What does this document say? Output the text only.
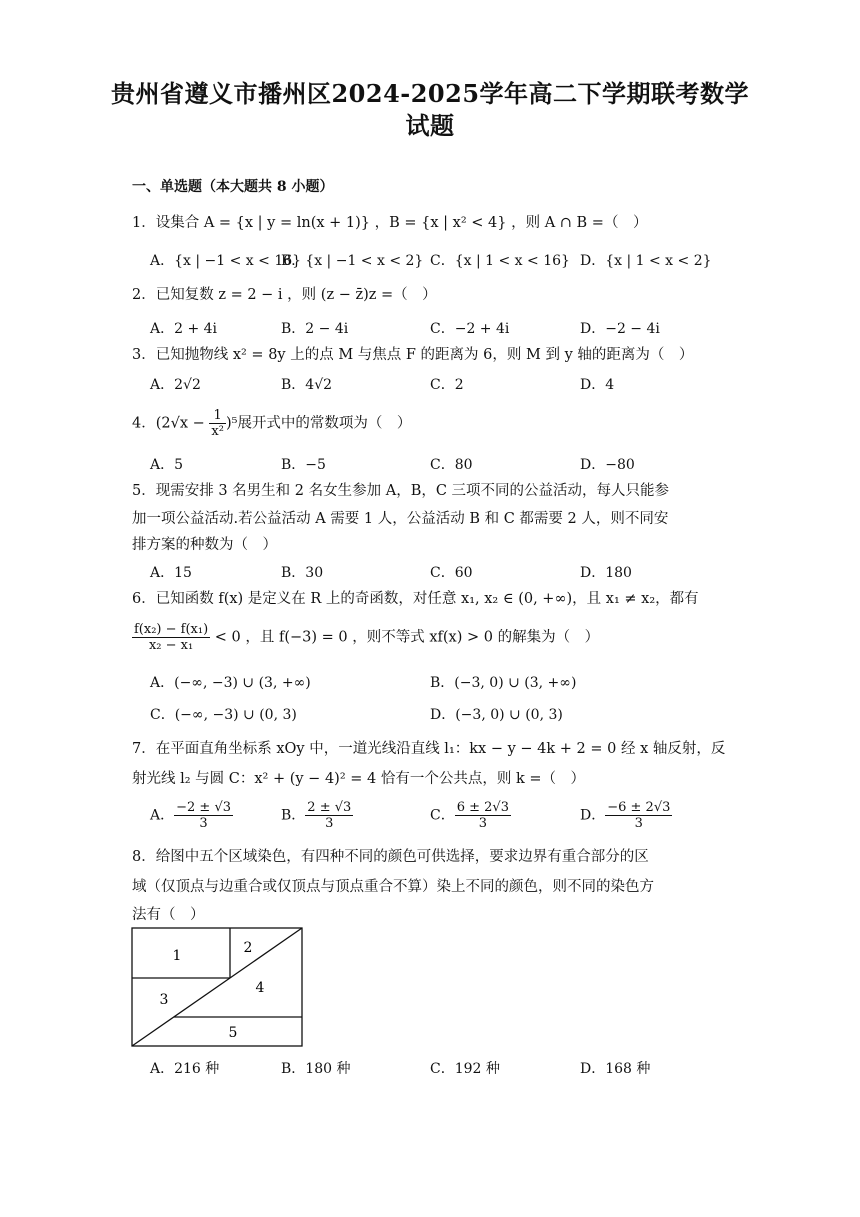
贵州省遵义市播州区2024-2025学年高二下学期联考数学
试题
一、单选题（本大题共 8 小题）
1．设集合 A = {x | y = ln(x + 1)} ，B = {x | x² < 4} ，则 A ∩ B =（　）
A．{x | −1 < x < 16}
B．{x | −1 < x < 2} C．{x | 1 < x < 16} D．{x | 1 < x < 2}
2．已知复数 z = 2 − i ，则 (z − z̄)z =（　）
A．2 + 4i	B．2 − 4i	C．−2 + 4i	D．−2 − 4i
3．已知抛物线 x² = 8y 上的点 M 与焦点 F 的距离为 6，则 M 到 y 轴的距离为（　）
A．2√2	B．4√2	C．2	D．4
4．$(2√x - \frac{1}{\text{x²}} )^5$展开式中的常数项为（　）
A．5	B．−5	C．80	D．−80
5．现需安排 3 名男生和 2 名女生参加 A，B，C 三项不同的公益活动，每人只能参
加一项公益活动.若公益活动 A 需要 1 人，公益活动 B 和 C 都需要 2 人，则不同安
排方案的种数为（　）
A．15	B．30	C．60	D．180
6．已知函数 f(x) 是定义在 R 上的奇函数，对任意 x₁, x₂ ∈ (0, +∞)，且 x₁ ≠ x₂，都有
$\frac{\text{f(x₂) − f(x₁)}}{\text{x₂ − x₁}} < 0$ ，且 f(−3) = 0 ，则不等式 xf(x) > 0 的解集为（　）
A．(−∞, −3) ∪ (3, +∞)	B．(−3, 0) ∪ (3, +∞)
C．(−∞, −3) ∪ (0, 3)	D．(−3, 0) ∪ (0, 3)
7．在平面直角坐标系 xOy 中，一道光线沿直线 l₁：kx − y − 4k + 2 = 0 经 x 轴反射，反
射光线 l₂ 与圆 C：x² + (y − 4)² = 4 恰有一个公共点，则 k =（　）
A． $\frac{-2 \pm √3}{3}$	B． $\frac{2 \pm √3}{3}$	C． $\frac{6 \pm 2√3}{3}$	D． $\frac{-6 \pm 2√3}{3}$
8．给图中五个区域染色，有四种不同的颜色可供选择，要求边界有重合部分的区
域（仅顶点与边重合或仅顶点与顶点重合不算）染上不同的颜色，则不同的染色方
法有（　）
1	2
3
4
5
A．216 种	B．180 种	C．192 种	D．168 种
